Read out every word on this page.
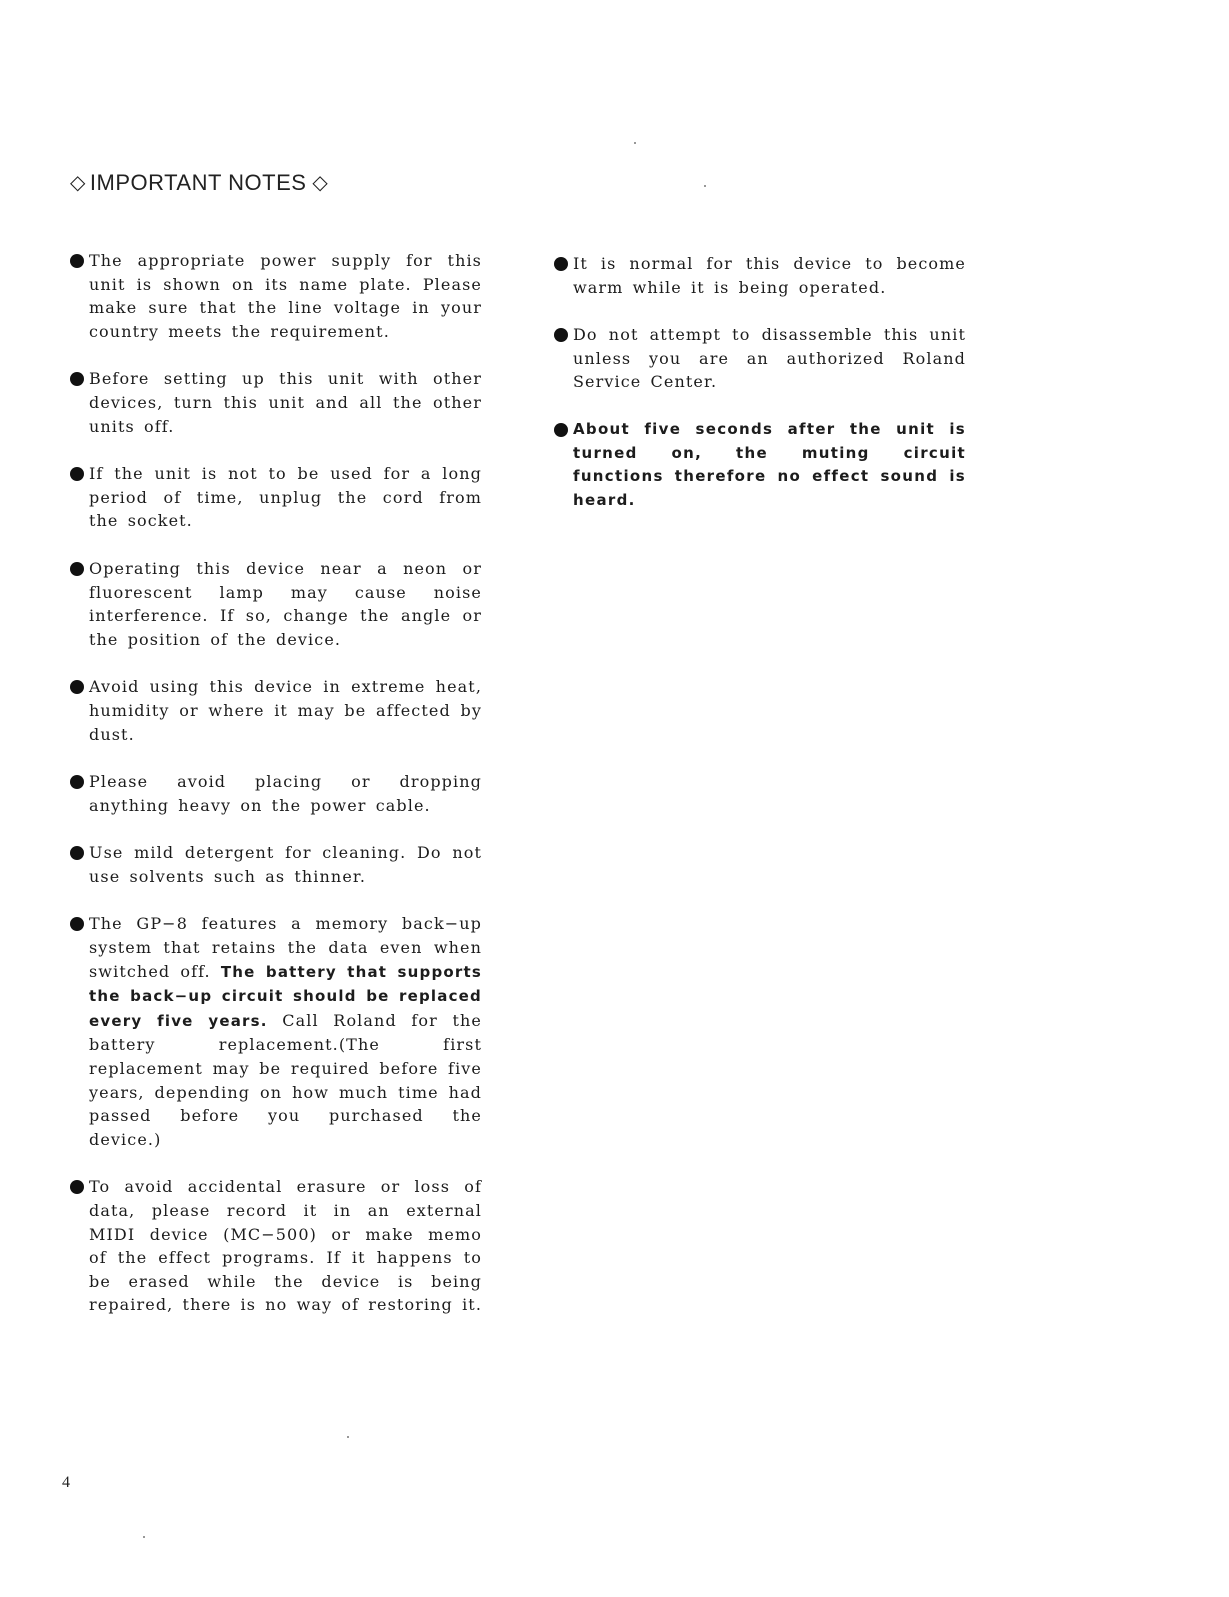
◇ IMPORTANT NOTES ◇
The appropriate power supply for this unit is shown on its name plate. Please make sure that the line voltage in your country meets the requirement.
Before setting up this unit with other devices, turn this unit and all the other units off.
If the unit is not to be used for a long period of time, unplug the cord from the socket.
Operating this device near a neon or fluorescent lamp may cause noise interference. If so, change the angle or the position of the device.
Avoid using this device in extreme heat, humidity or where it may be affected by dust.
Please avoid placing or dropping anything heavy on the power cable.
Use mild detergent for cleaning. Do not use solvents such as thinner.
The GP−8 features a memory back−up system that retains the data even when switched off. The battery that supports the back−up circuit should be replaced every five years. Call Roland for the battery replacement.(The first replacement may be required before five years, depending on how much time had passed before you purchased the device.)
To avoid accidental erasure or loss of data, please record it in an external MIDI device (MC−500) or make memo of the effect programs. If it happens to be erased while the device is being repaired, there is no way of restoring it.
It is normal for this device to become warm while it is being operated.
Do not attempt to disassemble this unit unless you are an authorized Roland Service Center.
About five seconds after the unit is turned on, the muting circuit functions therefore no effect sound is heard.
4
